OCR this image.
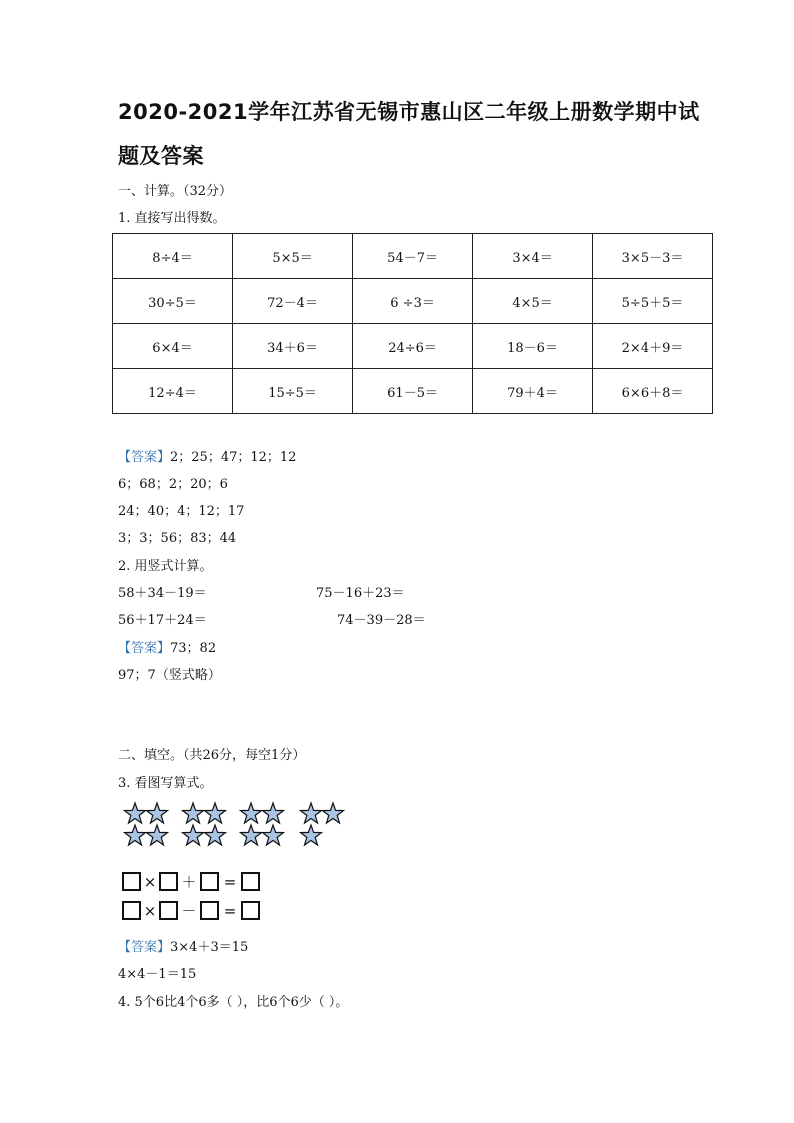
2020-2021学年江苏省无锡市惠山区二年级上册数学期中试
题及答案
一、计算。（32分）
1. 直接写出得数。
8÷4＝	5×5＝	54－7＝	3×4＝	3×5－3＝
30÷5＝	72－4＝	6 ÷3＝	4×5＝	5÷5＋5＝
6×4＝	34＋6＝	24÷6＝	18－6＝	2×4＋9＝
12÷4＝	15÷5＝	61－5＝	79＋4＝	6×6＋8＝
【答案】2；25；47；12；12
6；68；2；20；6
24；40；4；12；17
3；3；56；83；44
2. 用竖式计算。
58＋34－19＝	75－16＋23＝
56＋17＋24＝	74－39－28＝
【答案】73；82
97；7（竖式略）
二、填空。（共26分，每空1分）
3. 看图写算式。
× ＋	=
× －	=
【答案】3×4＋3＝15
4×4－1＝15
4. 5个6比4个6多（ ），比6个6少（ ）。
